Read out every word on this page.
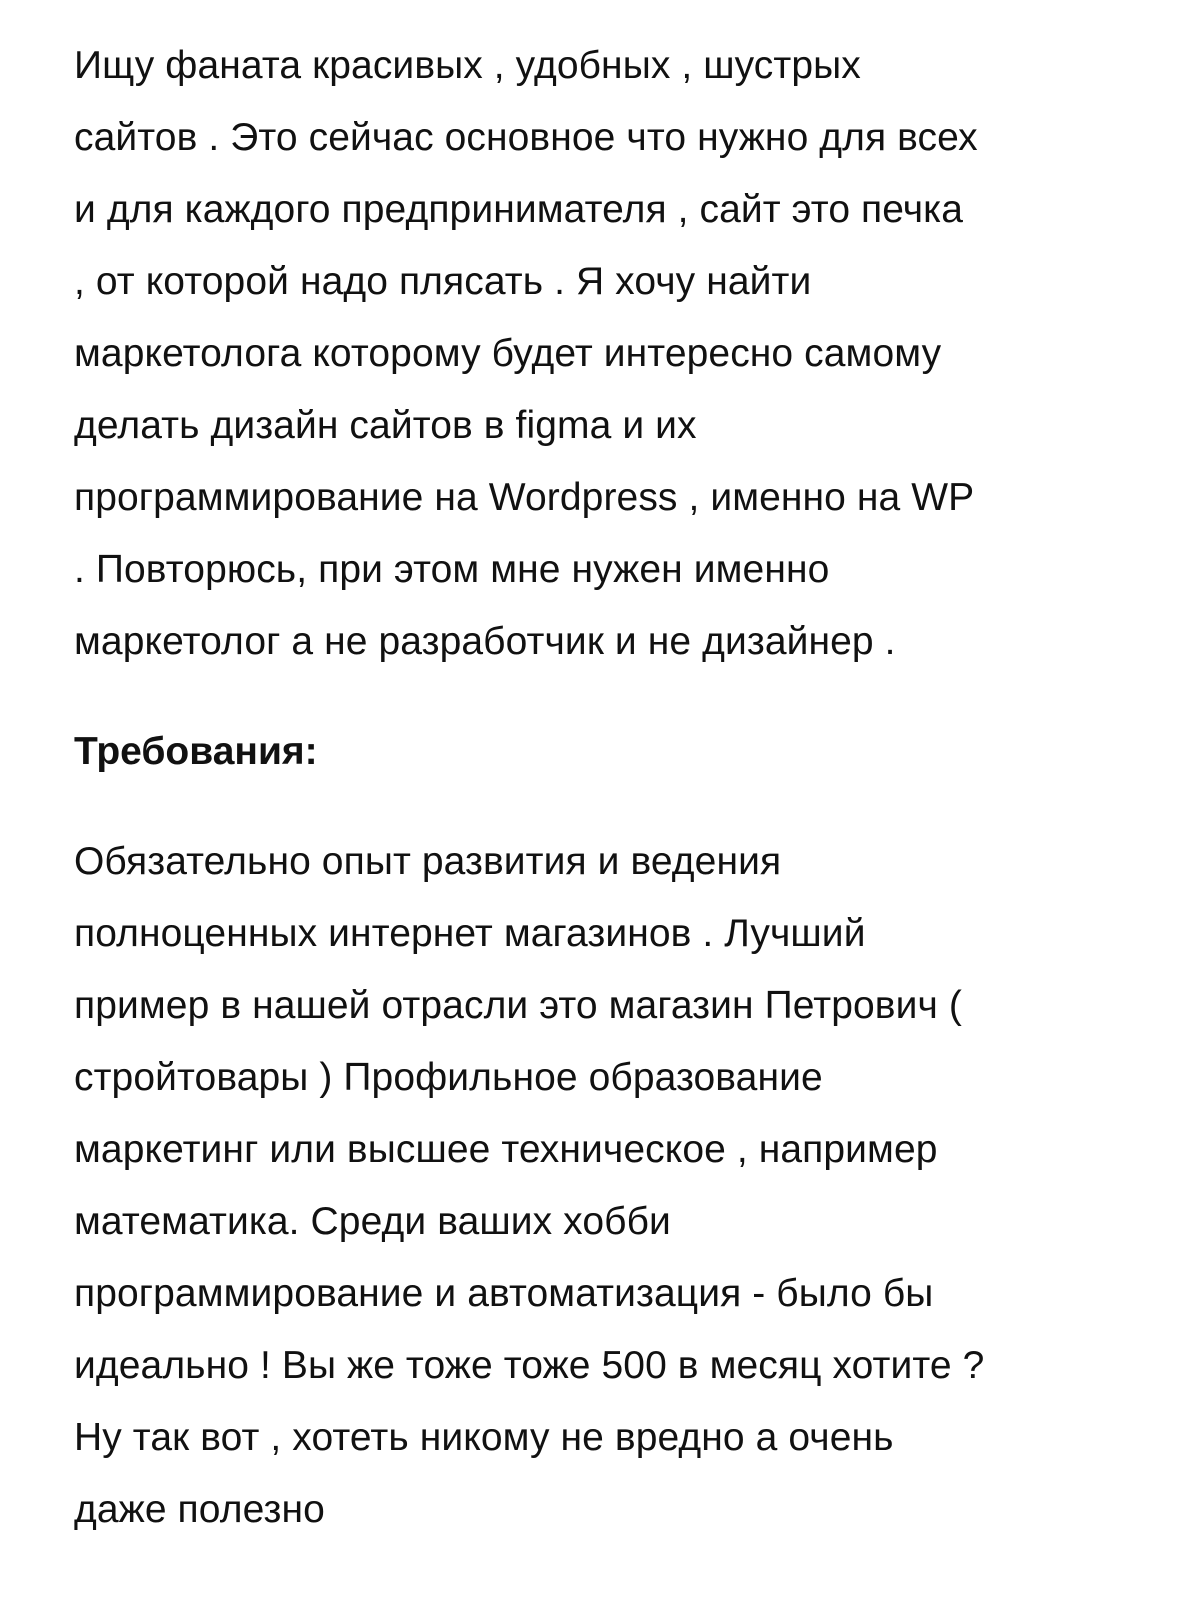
Ищу фаната красивых , удобных , шустрых
сайтов . Это сейчас основное что нужно для всех
и для каждого предпринимателя , сайт это печка
, от которой надо плясать . Я хочу найти
маркетолога которому будет интересно самому
делать дизайн сайтов в figma и их
программирование на Wordpress , именно на WP
. Повторюсь, при этом мне нужен именно
маркетолог а не разработчик и не дизайнер .
Требования:
Обязательно опыт развития и ведения
полноценных интернет магазинов . Лучший
пример в нашей отрасли это магазин Петрович (
стройтовары ) Профильное образование
маркетинг или высшее техническое , например
математика. Среди ваших хобби
программирование и автоматизация - было бы
идеально ! Вы же тоже тоже 500 в месяц хотите ?
Ну так вот , хотеть никому не вредно а очень
даже полезно
